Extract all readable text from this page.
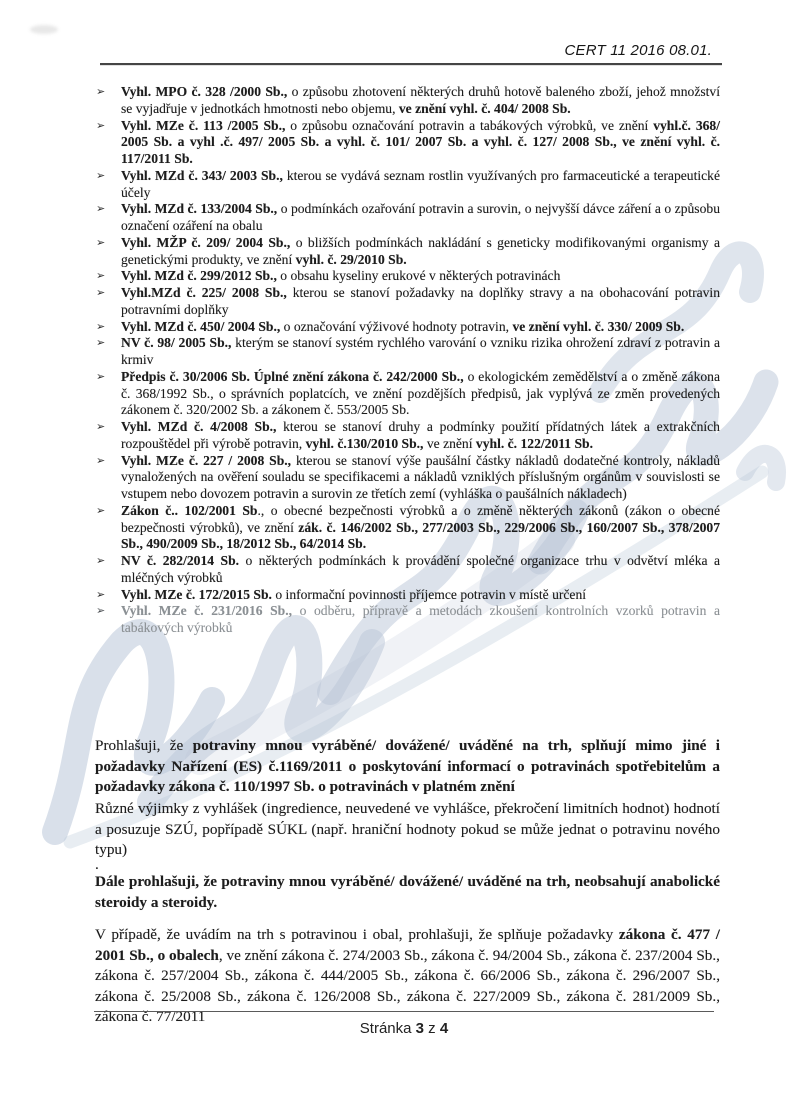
CERT 11 2016 08.01.
➢	Vyhl. MPO č. 328 /2000 Sb., o způsobu zhotovení některých druhů hotově baleného zboží, jehož množství se vyjadřuje v jednotkách hmotnosti nebo objemu, ve znění vyhl. č. 404/ 2008 Sb.
➢	Vyhl. MZe č. 113 /2005 Sb., o způsobu označování potravin a tabákových výrobků, ve znění vyhl.č. 368/ 2005 Sb. a vyhl .č. 497/ 2005 Sb. a vyhl. č. 101/ 2007 Sb. a vyhl. č. 127/ 2008 Sb., ve znění vyhl. č. 117/2011 Sb.
➢	Vyhl. MZd č. 343/ 2003 Sb., kterou se vydává seznam rostlin využívaných pro farmaceutické a terapeutické účely
➢	Vyhl. MZd č. 133/2004 Sb., o podmínkách ozařování potravin a surovin, o nejvyšší dávce záření a o způsobu označení ozáření na obalu
➢	Vyhl. MŽP č. 209/ 2004 Sb., o bližších podmínkách nakládání s geneticky modifikovanými organismy a genetickými produkty, ve znění vyhl. č. 29/2010 Sb.
➢	Vyhl. MZd č. 299/2012 Sb., o obsahu kyseliny erukové v některých potravinách
➢	Vyhl.MZd č. 225/ 2008 Sb., kterou se stanoví požadavky na doplňky stravy a na obohacování potravin potravními doplňky
➢	Vyhl. MZd č. 450/ 2004 Sb., o označování výživové hodnoty potravin, ve znění vyhl. č. 330/ 2009 Sb.
➢	NV č. 98/ 2005 Sb., kterým se stanoví systém rychlého varování o vzniku rizika ohrožení zdraví z potravin a krmiv
➢	Předpis č. 30/2006 Sb. Úplné znění zákona č. 242/2000 Sb., o ekologickém zemědělství a o změně zákona č. 368/1992 Sb., o správních poplatcích, ve znění pozdějších předpisů, jak vyplývá ze změn provedených zákonem č. 320/2002 Sb. a zákonem č. 553/2005 Sb.
➢	Vyhl. MZd č. 4/2008 Sb., kterou se stanoví druhy a podmínky použití přídatných látek a extrakčních rozpouštědel při výrobě potravin, vyhl. č.130/2010 Sb., ve znění vyhl. č. 122/2011 Sb.
➢	Vyhl. MZe č. 227 / 2008 Sb., kterou se stanoví výše paušální částky nákladů dodatečné kontroly, nákladů vynaložených na ověření souladu se specifikacemi a nákladů vzniklých příslušným orgánům v souvislosti se vstupem nebo dovozem potravin a surovin ze třetích zemí (vyhláška o paušálních nákladech)
➢	Zákon č.. 102/2001 Sb., o obecné bezpečnosti výrobků a o změně některých zákonů (zákon o obecné bezpečnosti výrobků), ve znění zák. č. 146/2002 Sb., 277/2003 Sb., 229/2006 Sb., 160/2007 Sb., 378/2007 Sb., 490/2009 Sb., 18/2012 Sb., 64/2014 Sb.
➢	NV č. 282/2014 Sb. o některých podmínkách k provádění společné organizace trhu v odvětví mléka a mléčných výrobků
➢	Vyhl. MZe č. 172/2015 Sb. o informační povinnosti příjemce potravin v místě určení
➢	Vyhl. MZe č. 231/2016 Sb., o odběru, přípravě a metodách zkoušení kontrolních vzorků potravin a tabákových výrobků

Prohlašuji, že potraviny mnou vyráběné/ dovážené/ uváděné na trh, splňují mimo jiné i požadavky Nařízení (ES) č.1169/2011 o poskytování informací o potravinách spotřebitelům a požadavky zákona č. 110/1997 Sb. o potravinách v platném znění

Různé výjimky z vyhlášek (ingredience, neuvedené ve vyhlášce, překročení limitních hodnot) hodnotí a posuzuje SZÚ, popřípadě SÚKL (např. hraniční hodnoty pokud se může jednat o potravinu nového typu)

.

Dále prohlašuji, že potraviny mnou vyráběné/ dovážené/ uváděné na trh, neobsahují anabolické steroidy a steroidy.

V případě, že uvádím na trh s potravinou i obal, prohlašuji, že splňuje požadavky zákona č. 477 / 2001 Sb., o obalech, ve znění zákona č. 274/2003 Sb., zákona č. 94/2004 Sb., zákona č. 237/2004 Sb., zákona č. 257/2004 Sb., zákona č. 444/2005 Sb., zákona č. 66/2006 Sb., zákona č. 296/2007 Sb., zákona č. 25/2008 Sb., zákona č. 126/2008 Sb., zákona č. 227/2009 Sb., zákona č. 281/2009 Sb., zákona č. 77/2011

Stránka 3 z 4
